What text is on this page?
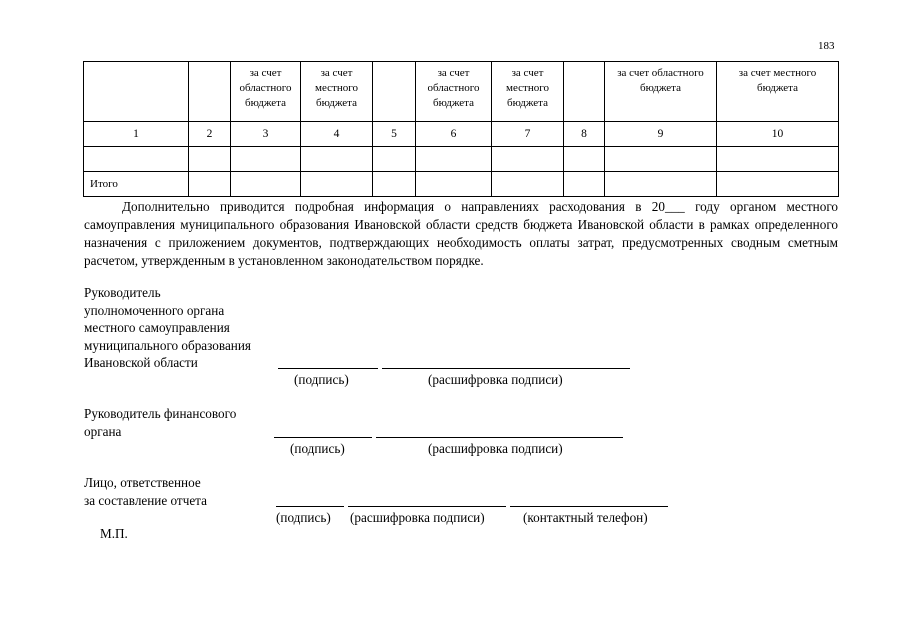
183
		за счет областного бюджета	за счет местного бюджета		за счет областного бюджета	за счет местного бюджета		за счет областного бюджета	за счет местного бюджета
1	2	3	4	5	6	7	8	9	10

Итого									
Дополнительно приводится подробная информация о направлениях расходования в 20___ году органом местного самоуправления муниципального образования Ивановской области средств бюджета Ивановской области в рамках определенного назначения с приложением документов, подтверждающих необходимость оплаты затрат, предусмотренных сводным сметным расчетом, утвержденным в установленном законодательством порядке.
Руководитель
уполномоченного органа
местного самоуправления
муниципального образования
Ивановской области
(подпись)	(расшифровка подписи)
Руководитель финансового
органа
(подпись)	(расшифровка подписи)
Лицо, ответственное
за составление отчета
(подпись) (расшифровка подписи)	(контактный телефон)
М.П.
